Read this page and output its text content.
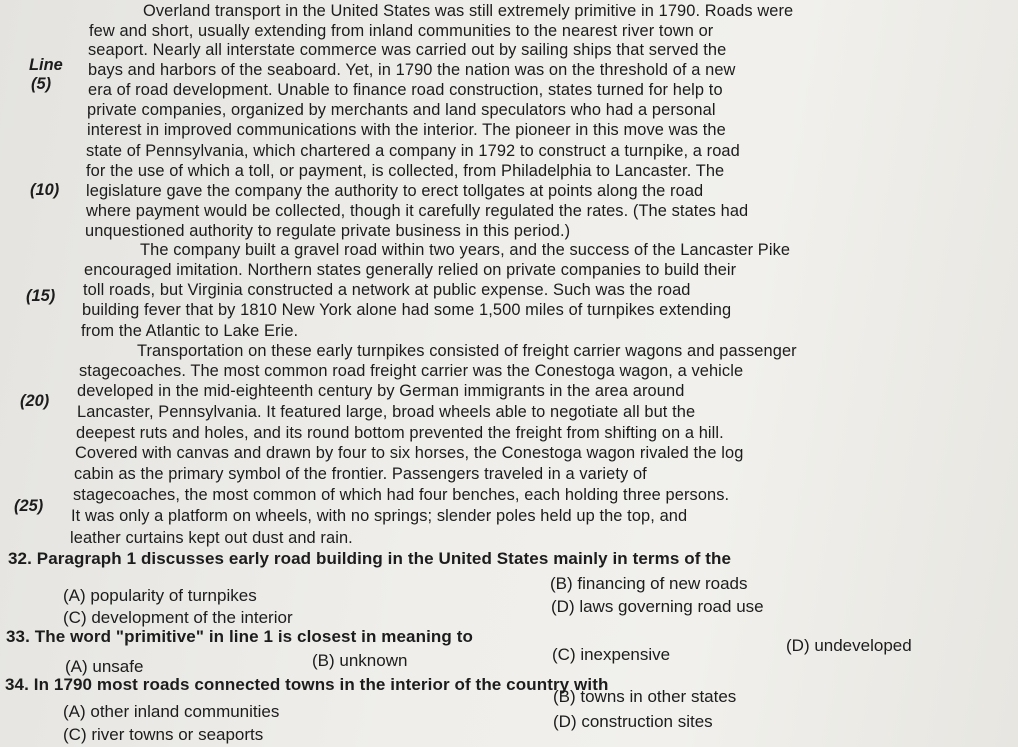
Overland transport in the United States was still extremely primitive in 1790. Roads were
few and short, usually extending from inland communities to the nearest river town or
seaport. Nearly all interstate commerce was carried out by sailing ships that served the
bays and harbors of the seaboard. Yet, in 1790 the nation was on the threshold of a new
era of road development. Unable to finance road construction, states turned for help to
private companies, organized by merchants and land speculators who had a personal
interest in improved communications with the interior. The pioneer in this move was the
state of Pennsylvania, which chartered a company in 1792 to construct a turnpike, a road
for the use of which a toll, or payment, is collected, from Philadelphia to Lancaster. The
legislature gave the company the authority to erect tollgates at points along the road
where payment would be collected, though it carefully regulated the rates. (The states had
unquestioned authority to regulate private business in this period.)
The company built a gravel road within two years, and the success of the Lancaster Pike
encouraged imitation. Northern states generally relied on private companies to build their
toll roads, but Virginia constructed a network at public expense. Such was the road
building fever that by 1810 New York alone had some 1,500 miles of turnpikes extending
from the Atlantic to Lake Erie.
Transportation on these early turnpikes consisted of freight carrier wagons and passenger
stagecoaches. The most common road freight carrier was the Conestoga wagon, a vehicle
developed in the mid-eighteenth century by German immigrants in the area around
Lancaster, Pennsylvania. It featured large, broad wheels able to negotiate all but the
deepest ruts and holes, and its round bottom prevented the freight from shifting on a hill.
Covered with canvas and drawn by four to six horses, the Conestoga wagon rivaled the log
cabin as the primary symbol of the frontier. Passengers traveled in a variety of
stagecoaches, the most common of which had four benches, each holding three persons.
It was only a platform on wheels, with no springs; slender poles held up the top, and
leather curtains kept out dust and rain.
Line
(5)
(10)
(15)
(20)
(25)
32. Paragraph 1 discusses early road building in the United States mainly in terms of the
(A) popularity of turnpikes
(B) financing of new roads
(C) development of the interior
(D) laws governing road use
33. The word "primitive" in line 1 is closest in meaning to
(A) unsafe	(B) unknown	(C) inexpensive	(D) undeveloped
34. In 1790 most roads connected towns in the interior of the country with
(A) other inland communities
(B) towns in other states
(C) river towns or seaports
(D) construction sites
